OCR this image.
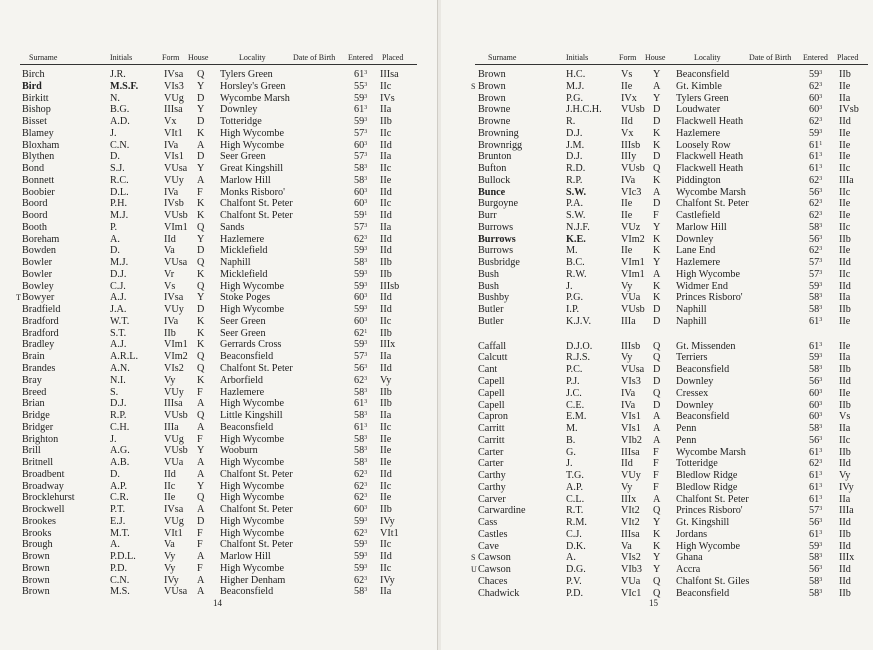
Surname	Initials	Form House	Locality	Date of Birth Entered Placed
Birch	J.R.	IVsa Q Tylers Green	$61^3$ IIIsa
Bird	M.S.F.	VIs3 Y Horsley's Green	$55^3$ IIc
Birkitt	N.	VUg D Wycombe Marsh	$59^3$ IVs
Bishop	B.G.	IIIsa Y Downley	$61^3$ IIa
Bisset	A.D.	Vx D Totteridge	$59^3$ IIb
Blamey	J.	VIt1 K High Wycombe	$57^3$ IIc
Bloxham	C.N.	IVa A High Wycombe	$60^3$ IId
Blythen	D.	VIs1 D Seer Green	$57^3$ IIa
Bond	S.J.	VUsa Y Great Kingshill	$58^3$ IIc
Bonnett	R.C.	VUy A Marlow Hill	$58^3$ IIe
Boobier	D.L.	IVa F Monks Risboro'	$60^3$ IId
Boord	P.H.	IVsb K Chalfont St. Peter	$60^3$ IIc
Boord	M.J.	VUsb K Chalfont St. Peter	$59^1$ IId
Booth	P.	VIm1 Q Sands	$57^3$ IIa
Boreham	A.	IId Y Hazlemere	$62^3$ IId
Bowden	D.	Va D Micklefield	$59^3$ IId
Bowler	M.J.	VUsa Q Naphill	$58^3$ IIb
Bowler	D.J.	Vr K Micklefield	$59^3$ IIb
Bowley	C.J.	Vs Q High Wycombe	$59^3$ IIIsb
T Bowyer	A.J.	IVsa Y Stoke Poges	$60^3$ IId
Bradfield	J.A.	VUy D High Wycombe	$59^3$ IId
Bradford	W.T.	IVa K Seer Green	$60^3$ IIc
Bradford	S.T.	IIb K Seer Green	$62^1$ IIb
Bradley	A.J.	VIm1 K Gerrards Cross	$59^3$ IIIx
Brain	A.R.L.	VIm2 Q Beaconsfield	$57^3$ IIa
Brandes	A.N.	VIs2 Q Chalfont St. Peter	$56^3$ IId
Bray	N.I.	Vy K Arborfield	$62^3$ Vy
Breed	S.	VUy F Hazlemere	$58^3$ IIb
Brian	D.J.	IIIsa A High Wycombe	$61^3$ IIb
Bridge	R.P.	VUsb Q Little Kingshill	$58^3$ IIa
Bridger	C.H.	IIIa A Beaconsfield	$61^3$ IIc
Brighton	J.	VUg F High Wycombe	$58^3$ IIe
Brill	A.G.	VUsb Y Wooburn	$58^3$ IIe
Britnell	A.B.	VUa A High Wycombe	$58^3$ IIe
Broadbent	D.	IId A Chalfont St. Peter	$62^3$ IId
Broadway	A.P.	IIc Y High Wycombe	$62^3$ IIc
Brocklehurst	C.R.	IIe Q High Wycombe	$62^3$ IIe
Brockwell	P.T.	IVsa A Chalfont St. Peter	$60^3$ IIb
Brookes	E.J.	VUg D High Wycombe	$59^3$ IVy
Brooks	M.T.	VIt1 F High Wycombe	$62^3$ VIt1
Brough	A.	Va F Chalfont St. Peter	$59^3$ IIc
Brown	P.D.L.	Vy A Marlow Hill	$59^3$ IId
Brown	P.D.	Vy F High Wycombe	$59^3$ IIc
Brown	C.N.	IVy A Higher Denham	$62^3$ IVy
Brown	M.S.	VUsa A Beaconsfield	$58^3$ IIa
14
Surname	Initials	Form House	Locality	Date of Birth Entered Placed
Brown	H.C.	Vs Y Beaconsfield	$59^3$ IIb
S Brown	M.J.	IIe A Gt. Kimble	$62^3$ IIe
Brown	P.G.	IVx Y Tylers Green	$60^3$ IIa
Browne	J.H.C.H. VUsb D Loudwater	$60^3$ IVsb
Browne	R.	IId D Flackwell Heath	$62^3$ IId
Browning	D.J.	Vx K Hazlemere	$59^3$ IIe
Brownrigg	J.M.	IIIsb K Loosely Row	$61^1$ IIe
Brunton	D.J.	IIIy D Flackwell Heath	$61^3$ IIe
Bufton	R.D.	VUsb Q Flackwell Heath	$61^3$ IIc
Bullock	R.P.	IVa K Piddington	$62^3$ IIIa
Bunce	S.W.	VIc3 A Wycombe Marsh	$56^3$ IIc
Burgoyne	P.A.	IIe D Chalfont St. Peter	$62^3$ IIe
Burr	S.W.	IIe F Castlefield	$62^3$ IIe
Burrows	N.J.F.	VUz Y Marlow Hill	$58^3$ IIc
Burrows	K.E.	VIm2 K Downley	$56^3$ IIb
Burrows	M.	IIe K Lane End	$62^3$ IIe
Busbridge	B.C.	VIm1 Y Hazlemere	$57^3$ IId
Bush	R.W.	VIm1 A High Wycombe	$57^3$ IIc
Bush	J.	Vy K Widmer End	$59^3$ IId
Bushby	P.G.	VUa K Princes Risboro'	$58^3$ IIa
Butler	I.P.	VUsb D Naphill	$58^3$ IIb
Butler	K.J.V.	IIIa D Naphill	$61^3$ IIe
Caffall	D.J.O.	IIIsb Q Gt. Missenden	$61^3$ IIe
Calcutt	R.J.S.	Vy Q Terriers	$59^3$ IIa
Cant	P.C.	VUsa D Beaconsfield	$58^3$ IIb
Capell	P.J.	VIs3 D Downley	$56^3$ IId
Capell	J.C.	IVa Q Cressex	$60^3$ IIe
Capell	C.E.	IVa D Downley	$60^3$ IIb
Capron	E.M.	VIs1 A Beaconsfield	$60^3$ Vs
Carritt	M.	VIs1 A Penn	$58^3$ IIa
Carritt	B.	VIb2 A Penn	$56^3$ IIc
Carter	G.	IIIsa F Wycombe Marsh	$61^3$ IIb
Carter	J.	IId F Totteridge	$62^3$ IId
Carthy	T.G.	VUy F Bledlow Ridge	$61^3$ Vy
Carthy	A.P.	Vy F Bledlow Ridge	$61^3$ IVy
Carver	C.L.	IIIx A Chalfont St. Peter	$61^3$ IIa
Carwardine	R.T.	VIt2 Q Princes Risboro'	$57^3$ IIIa
Cass	R.M.	VIt2 Y Gt. Kingshill	$56^3$ IId
Castles	C.J.	IIIsa K Jordans	$61^3$ IIb
Cave	D.K.	Va K High Wycombe	$59^3$ IId
S Cawson	A.	VIs2 Y Ghana	$58^3$ IIIx
U Cawson	D.G.	VIb3 Y Accra	$56^3$ IId
Chaces	P.V.	VUa Q Chalfont St. Giles	$58^3$ IId
Chadwick	P.D.	VIc1 Q Beaconsfield	$58^3$ IIb
15
